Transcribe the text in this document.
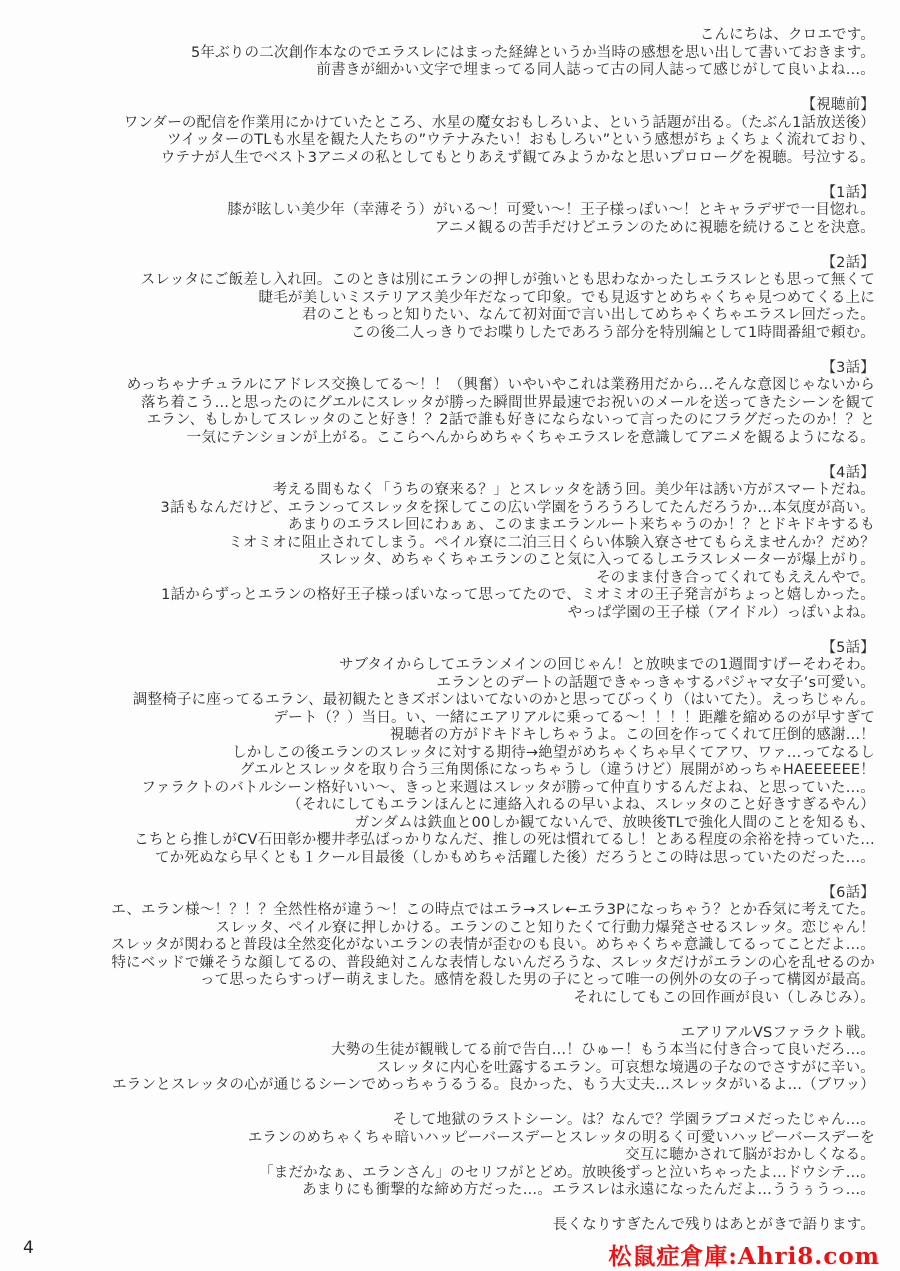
こんにちは、クロエです。

5年ぶりの二次創作本なのでエラスレにはまった経緯というか当時の感想を思い出して書いておきます。

前書きが細かい文字で埋まってる同人誌って古の同人誌って感じがして良いよね…。

【視聴前】

ワンダーの配信を作業用にかけていたところ、水星の魔女おもしろいよ、という話題が出る。（たぶん1話放送後）

ツイッターのTLも水星を観た人たちの”ウテナみたい！おもしろい”という感想がちょくちょく流れており、

ウテナが人生でベスト3アニメの私としてもとりあえず観てみようかなと思いプロローグを視聴。号泣する。

【1話】

膝が眩しい美少年（幸薄そう）がいる～！可愛い～！王子様っぽい～！とキャラデザで一目惚れ。

アニメ観るの苦手だけどエランのために視聴を続けることを決意。

【2話】

スレッタにご飯差し入れ回。このときは別にエランの押しが強いとも思わなかったしエラスレとも思って無くて

睫毛が美しいミステリアス美少年だなって印象。でも見返すとめちゃくちゃ見つめてくる上に

君のこともっと知りたい、なんて初対面で言い出してめちゃくちゃエラスレ回だった。

この後二人っきりでお喋りしたであろう部分を特別編として1時間番組で頼む。

【3話】

めっちゃナチュラルにアドレス交換してる～！！（興奮）いやいやこれは業務用だから…そんな意図じゃないから

落ち着こう…と思ったのにグエルにスレッタが勝った瞬間世界最速でお祝いのメールを送ってきたシーンを観て

エラン、もしかしてスレッタのこと好き！？2話で誰も好きにならないって言ったのにフラグだったのか！？と

一気にテンションが上がる。ここらへんからめちゃくちゃエラスレを意識してアニメを観るようになる。

【4話】

考える間もなく「うちの寮来る？」とスレッタを誘う回。美少年は誘い方がスマートだね。

3話もなんだけど、エランってスレッタを探してこの広い学園をうろうろしてたんだろうか…本気度が高い。

あまりのエラスレ回にわぁぁ、このままエランルート来ちゃうのか！？とドキドキするも

ミオミオに阻止されてしまう。ペイル寮に二泊三日くらい体験入寮させてもらえませんか？だめ？

スレッタ、めちゃくちゃエランのこと気に入ってるしエラスレメーターが爆上がり。

そのまま付き合ってくれてもええんやで。

1話からずっとエランの格好王子様っぽいなって思ってたので、ミオミオの王子発言がちょっと嬉しかった。

やっぱ学園の王子様（アイドル）っぽいよね。

【5話】

サブタイからしてエランメインの回じゃん！と放映までの1週間すげーそわそわ。

エランとのデートの話題できゃっきゃするパジャマ女子’s可愛い。

調整椅子に座ってるエラン、最初観たときズボンはいてないのかと思ってびっくり（はいてた）。えっちじゃん。

デート（？）当日。い、一緒にエアリアルに乗ってる～！！！！距離を縮めるのが早すぎて

視聴者の方がドキドキしちゃうよ。この回を作ってくれて圧倒的感謝…！

しかしこの後エランのスレッタに対する期待→絶望がめちゃくちゃ早くてアワ、ワァ…ってなるし

グエルとスレッタを取り合う三角関係になっちゃうし（違うけど）展開がめっちゃHAEEEEEE！

ファラクトのバトルシーン格好いい～、きっと来週はスレッタが勝って仲直りするんだよね、と思っていた…。

（それにしてもエランほんとに連絡入れるの早いよね、スレッタのこと好きすぎるやん）

ガンダムは鉄血と00しか観てないんで、放映後TLで強化人間のことを知るも、

こちとら推しがCV石田彰か櫻井孝弘ばっかりなんだ、推しの死は慣れてるし！とある程度の余裕を持っていた…

てか死ぬなら早くとも１クール目最後（しかもめちゃ活躍した後）だろうとこの時は思っていたのだった…。

【6話】

エ、エラン様～！？！？全然性格が違う～！この時点ではエラ→スレ←エラ3Pになっちゃう？とか呑気に考えてた。

スレッタ、ペイル寮に押しかける。エランのこと知りたくて行動力爆発させるスレッタ。恋じゃん！

スレッタが関わると普段は全然変化がないエランの表情が歪むのも良い。めちゃくちゃ意識してるってことだよ…。

特にベッドで嫌そうな顔してるの、普段絶対こんな表情しないんだろうな、スレッタだけがエランの心を乱せるのか

って思ったらすっげー萌えました。感情を殺した男の子にとって唯一の例外の女の子って構図が最高。

それにしてもこの回作画が良い（しみじみ）。

エアリアルVSファラクト戦。

大勢の生徒が観戦してる前で告白…！ひゅー！もう本当に付き合って良いだろ…。

スレッタに内心を吐露するエラン。可哀想な境遇の子なのでさすがに辛い。

エランとスレッタの心が通じるシーンでめっちゃうるうる。良かった、もう大丈夫…スレッタがいるよ…（ブワッ）

そして地獄のラストシーン。は？なんで？学園ラブコメだったじゃん…。

エランのめちゃくちゃ暗いハッピーバースデーとスレッタの明るく可愛いハッピーバースデーを

交互に聴かされて脳がおかしくなる。

「まだかなぁ、エランさん」のセリフがとどめ。放映後ずっと泣いちゃったよ…ドウシテ…。

あまりにも衝撃的な締め方だった…。エラスレは永遠になったんだよ…ううぅうっ…。

長くなりすぎたんで残りはあとがきで語ります。

4	松鼠症倉庫:Ahri8.com
